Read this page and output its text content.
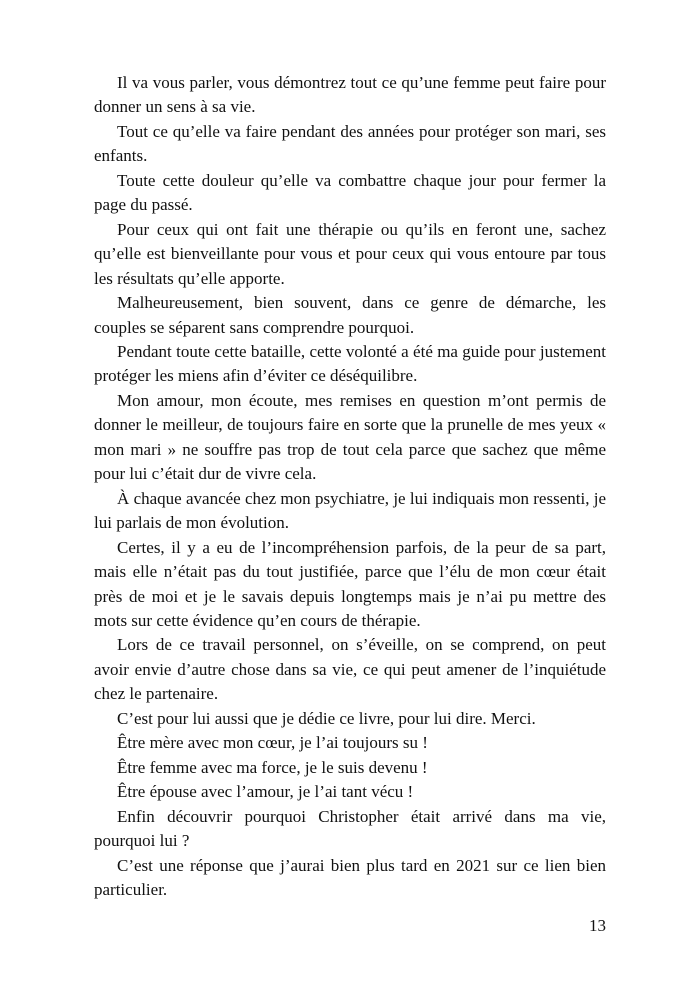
Il va vous parler, vous démontrez tout ce qu’une femme peut faire pour donner un sens à sa vie.

Tout ce qu’elle va faire pendant des années pour protéger son mari, ses enfants.

Toute cette douleur qu’elle va combattre chaque jour pour fermer la page du passé.

Pour ceux qui ont fait une thérapie ou qu’ils en feront une, sachez qu’elle est bienveillante pour vous et pour ceux qui vous entoure par tous les résultats qu’elle apporte.

Malheureusement, bien souvent, dans ce genre de démarche, les couples se séparent sans comprendre pourquoi.

Pendant toute cette bataille, cette volonté a été ma guide pour justement protéger les miens afin d’éviter ce déséquilibre.

Mon amour, mon écoute, mes remises en question m’ont permis de donner le meilleur, de toujours faire en sorte que la prunelle de mes yeux « mon mari » ne souffre pas trop de tout cela parce que sachez que même pour lui c’était dur de vivre cela.

À chaque avancée chez mon psychiatre, je lui indiquais mon ressenti, je lui parlais de mon évolution.

Certes, il y a eu de l’incompréhension parfois, de la peur de sa part, mais elle n’était pas du tout justifiée, parce que l’élu de mon cœur était près de moi et je le savais depuis longtemps mais je n’ai pu mettre des mots sur cette évidence qu’en cours de thérapie.

Lors de ce travail personnel, on s’éveille, on se comprend, on peut avoir envie d’autre chose dans sa vie, ce qui peut amener de l’inquiétude chez le partenaire.

C’est pour lui aussi que je dédie ce livre, pour lui dire. Merci.

Être mère avec mon cœur, je l’ai toujours su !

Être femme avec ma force, je le suis devenu !

Être épouse avec l’amour, je l’ai tant vécu !

Enfin découvrir pourquoi Christopher était arrivé dans ma vie, pourquoi lui ?

C’est une réponse que j’aurai bien plus tard en 2021 sur ce lien bien particulier.

13
